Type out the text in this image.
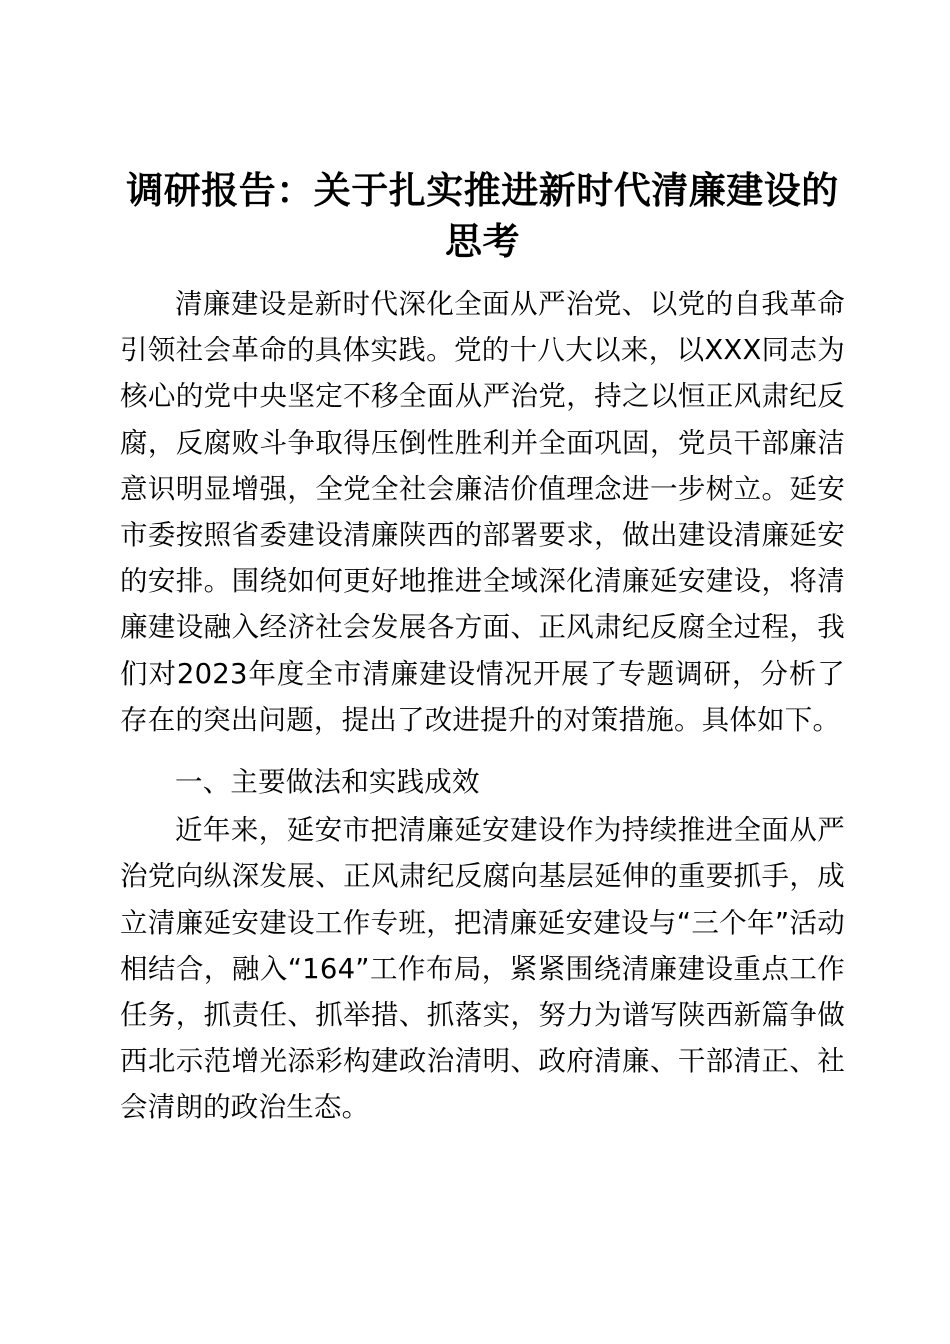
调研报告：关于扎实推进新时代清廉建设的思考

清廉建设是新时代深化全面从严治党、以党的自我革命引领社会革命的具体实践。党的十八大以来，以XXX同志为核心的党中央坚定不移全面从严治党，持之以恒正风肃纪反腐，反腐败斗争取得压倒性胜利并全面巩固，党员干部廉洁意识明显增强，全党全社会廉洁价值理念进一步树立。延安市委按照省委建设清廉陕西的部署要求，做出建设清廉延安的安排。围绕如何更好地推进全域深化清廉延安建设，将清廉建设融入经济社会发展各方面、正风肃纪反腐全过程，我们对2023年度全市清廉建设情况开展了专题调研，分析了存在的突出问题，提出了改进提升的对策措施。具体如下。

一、主要做法和实践成效

近年来，延安市把清廉延安建设作为持续推进全面从严治党向纵深发展、正风肃纪反腐向基层延伸的重要抓手，成立清廉延安建设工作专班，把清廉延安建设与“三个年”活动相结合，融入“164”工作布局，紧紧围绕清廉建设重点工作任务，抓责任、抓举措、抓落实，努力为谱写陕西新篇争做西北示范增光添彩构建政治清明、政府清廉、干部清正、社会清朗的政治生态。
